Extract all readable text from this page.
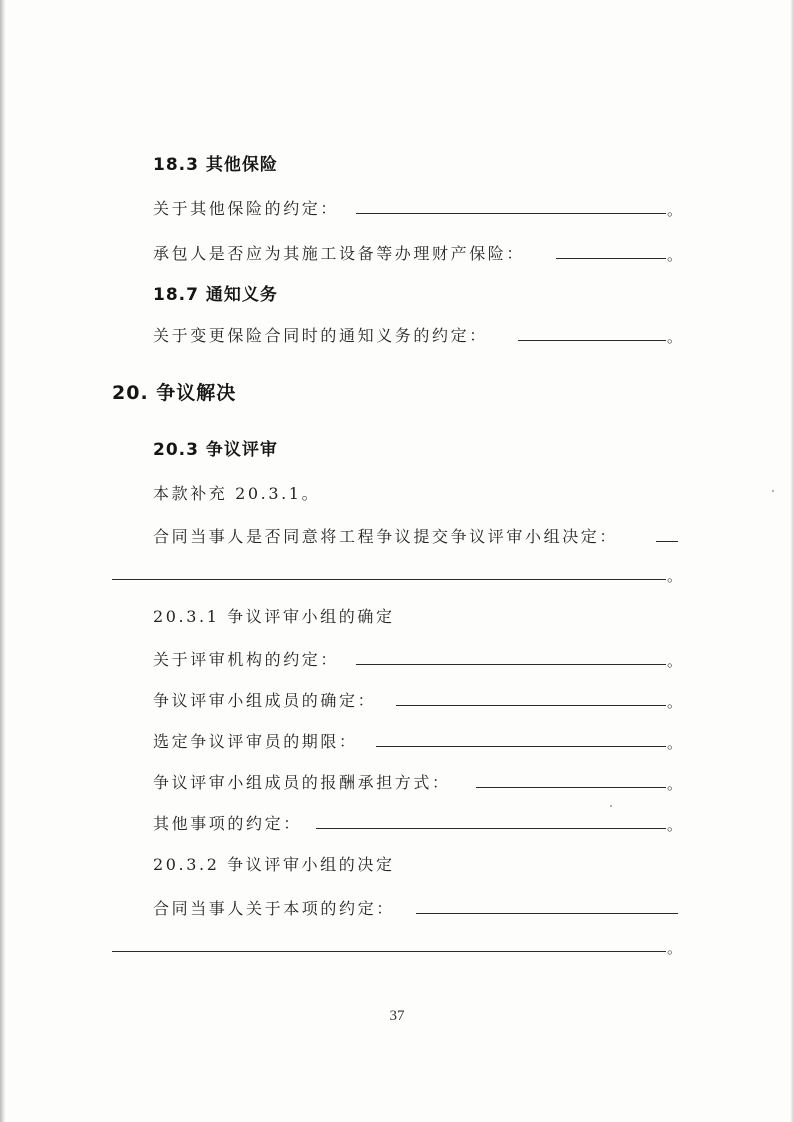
18.3 其他保险
关于其他保险的约定：	。
承包人是否应为其施工设备等办理财产保险：	。
18.7 通知义务
关于变更保险合同时的通知义务的约定：	。
20. 争议解决
20.3 争议评审
本款补充 20.3.1。
合同当事人是否同意将工程争议提交争议评审小组决定：
。
20.3.1 争议评审小组的确定
关于评审机构的约定：	。
争议评审小组成员的确定：	。
选定争议评审员的期限：	。
争议评审小组成员的报酬承担方式：	。
其他事项的约定：	。
20.3.2 争议评审小组的决定
合同当事人关于本项的约定：
。
37
